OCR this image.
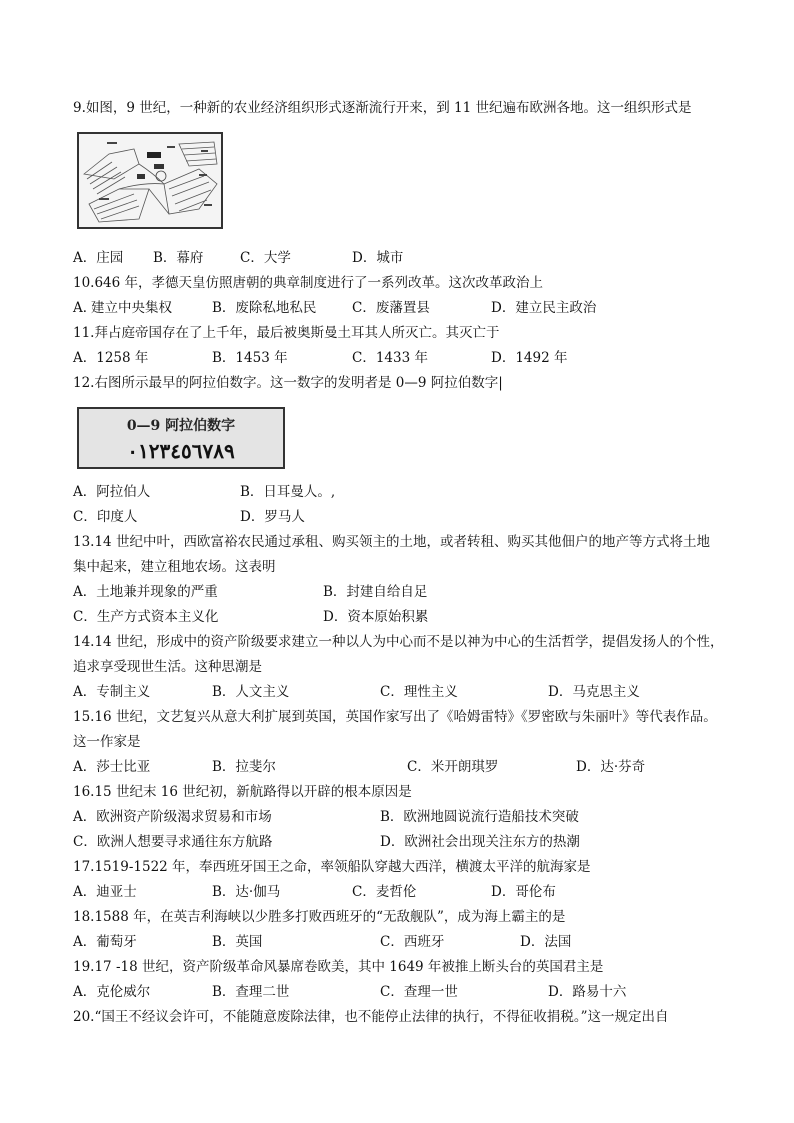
9.如图，9 世纪，一种新的农业经济组织形式逐渐流行开来，到 11 世纪遍布欧洲各地。这一组织形式是
A．庄园 B．幕府	C．大学	D．城市
10.646 年，孝德天皇仿照唐朝的典章制度进行了一系列改革。这次改革政治上
A．
建立中央集权	B．废除私地私民	C．废藩置县	D．建立民主政治
11.拜占庭帝国存在了上千年，最后被奥斯曼土耳其人所灭亡。其灭亡于
A．1258 年	B．1453 年	C．1433 年	D．1492 年
12.右图所示最早的阿拉伯数字。这一数字的发明者是 0—9 阿拉伯数字|
0—9 阿拉伯数字
٠١٢٣٤٥٦٧٨٩
A．阿拉伯人	B．日耳曼人。,
C．印度人	D．罗马人
13.14 世纪中叶，西欧富裕农民通过承租、购买领主的土地，或者转租、购买其他佃户的地产等方式将土地
集中起来，建立租地农场。这表明
A．土地兼并现象的严重	B．封建自给自足
C．生产方式资本主义化	D．资本原始积累
14.14 世纪，形成中的资产阶级要求建立一种以人为中心而不是以神为中心的生活哲学，提倡发扬人的个性，
追求享受现世生活。这种思潮是
A．专制主义	B．人文主义	C．理性主义	D．马克思主义
15.16 世纪，文艺复兴从意大利扩展到英国，英国作家写出了《哈姆雷特》《罗密欧与朱丽叶》等代表作品。
这一作家是
A．莎士比亚	B．拉斐尔	C．米开朗琪罗	D．达·芬奇
16.15 世纪末 16 世纪初，新航路得以开辟的根本原因是
A．欧洲资产阶级渴求贸易和市场	B．欧洲地圆说流行造船技术突破
C．欧洲人想要寻求通往东方航路	D．欧洲社会出现关注东方的热潮
17.1519-1522 年，奉西班牙国王之命，率领船队穿越大西洋，横渡太平洋的航海家是
A．迪亚士	B．达·伽马	C．麦哲伦	D．哥伦布
18.1588 年，在英吉利海峡以少胜多打败西班牙的“无敌舰队”，成为海上霸主的是
A．葡萄牙	B．英国	C．西班牙	D．法国
19.17 -18 世纪，资产阶级革命风暴席卷欧美，其中 1649 年被推上断头台的英国君主是
A．克伦威尔	B．查理二世	C．查理一世	D．路易十六
20.“国王不经议会许可，不能随意废除法律，也不能停止法律的执行，不得征收捐税。”这一规定出自
